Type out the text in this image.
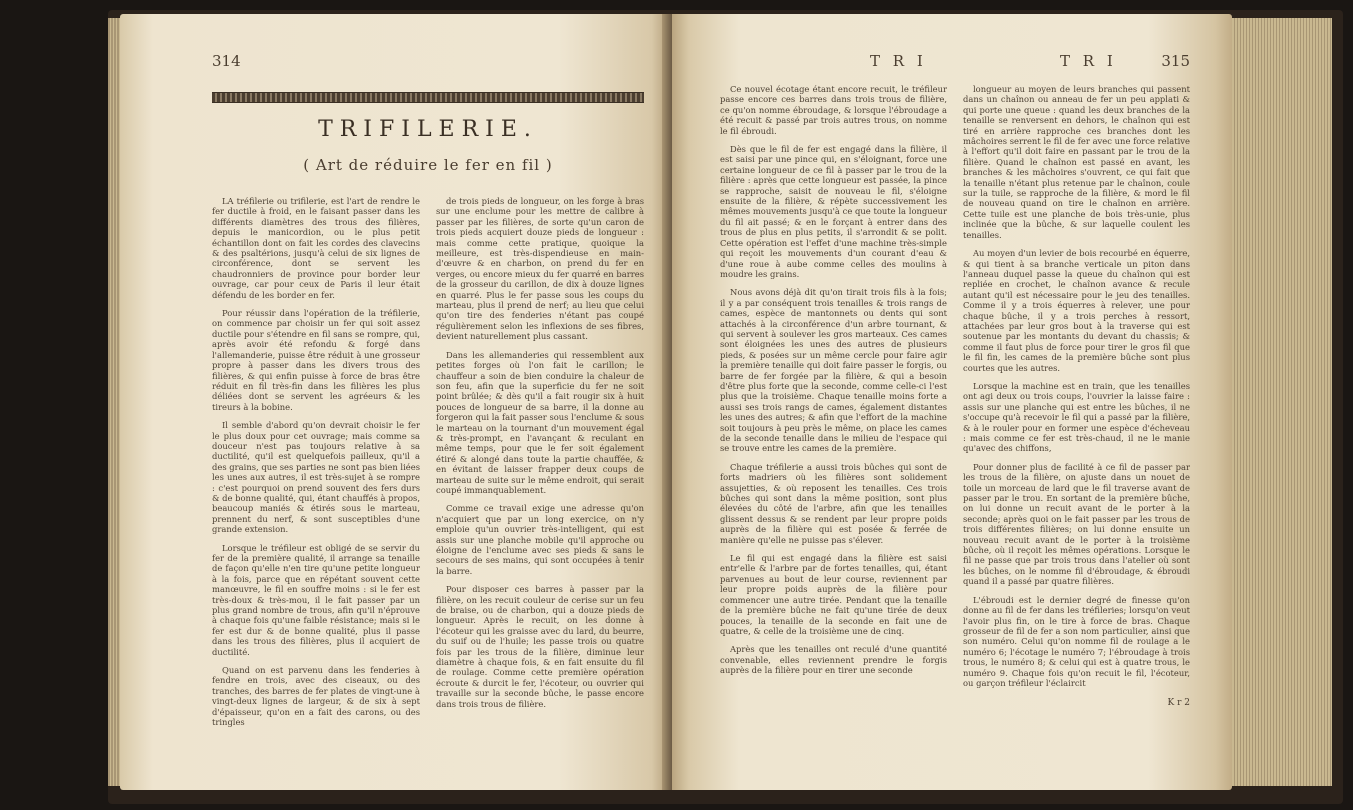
314
TRIFILERIE.
( Art de réduire le fer en fil )

LA tréfilerie ou trifilerie, est l'art de rendre le fer ductile à froid, en le faisant passer dans les différents diamètres des trous des filières, depuis le manicordion, ou le plus petit échantillon dont on fait les cordes des clavecins & des psaltérions, jusqu'à celui de six lignes de circonférence, dont se servent les chaudronniers de province pour border leur ouvrage, car pour ceux de Paris il leur était défendu de les border en fer.

Pour réussir dans l'opération de la tréfilerie, on commence par choisir un fer qui soit assez ductile pour s'étendre en fil sans se rompre, qui, après avoir été refondu & forgé dans l'allemanderie, puisse être réduit à une grosseur propre à passer dans les divers trous des filières, & qui enfin puisse à force de bras être réduit en fil très-fin dans les filières les plus déliées dont se servent les agréeurs & les tireurs à la bobine.

Il semble d'abord qu'on devrait choisir le fer le plus doux pour cet ouvrage; mais comme sa douceur n'est pas toujours relative à sa ductilité, qu'il est quelquefois pailleux, qu'il a des grains, que ses parties ne sont pas bien liées les unes aux autres, il est très-sujet à se rompre : c'est pourquoi on prend souvent des fers durs & de bonne qualité, qui, étant chauffés à propos, beaucoup maniés & étirés sous le marteau, prennent du nerf, & sont susceptibles d'une grande extension.

Lorsque le tréfileur est obligé de se servir du fer de la première qualité, il arrange sa tenaille de façon qu'elle n'en tire qu'une petite longueur à la fois, parce que en répétant souvent cette manœuvre, le fil en souffre moins : si le fer est très-doux & très-mou, il le fait passer par un plus grand nombre de trous, afin qu'il n'éprouve à chaque fois qu'une faible résistance; mais si le fer est dur & de bonne qualité, plus il passe dans les trous des filières, plus il acquiert de ductilité.

Quand on est parvenu dans les fenderies à fendre en trois, avec des ciseaux, ou des tranches, des barres de fer plates de vingt-une à vingt-deux lignes de largeur, & de six à sept d'épaisseur, qu'on en a fait des carons, ou des tringles

de trois pieds de longueur, on les forge à bras sur une enclume pour les mettre de calibre à passer par les filières, de sorte qu'un caron de trois pieds acquiert douze pieds de longueur : mais comme cette pratique, quoique la meilleure, est très-dispendieuse en main-d'œuvre & en charbon, on prend du fer en verges, ou encore mieux du fer quarré en barres de la grosseur du carillon, de dix à douze lignes en quarré. Plus le fer passe sous les coups du marteau, plus il prend de nerf; au lieu que celui qu'on tire des fenderies n'étant pas coupé régulièrement selon les inflexions de ses fibres, devient naturellement plus cassant.

Dans les allemanderies qui ressemblent aux petites forges où l'on fait le carillon; le chauffeur a soin de bien conduire la chaleur de son feu, afin que la superficie du fer ne soit point brûlée; & dès qu'il a fait rougir six à huit pouces de longueur de sa barre, il la donne au forgeron qui la fait passer sous l'enclume & sous le marteau on la tournant d'un mouvement égal & très-prompt, en l'avançant & reculant en même temps, pour que le fer soit également étiré & alongé dans toute la partie chauffée, & en évitant de laisser frapper deux coups de marteau de suite sur le même endroit, qui serait coupé immanquablement.

Comme ce travail exige une adresse qu'on n'acquiert que par un long exercice, on n'y emploie qu'un ouvrier très-intelligent, qui est assis sur une planche mobile qu'il approche ou éloigne de l'enclume avec ses pieds & sans le secours de ses mains, qui sont occupées à tenir la barre.

Pour disposer ces barres à passer par la filière, on les recuit couleur de cerise sur un feu de braise, ou de charbon, qui a douze pieds de longueur. Après le recuit, on les donne à l'écoteur qui les graisse avec du lard, du beurre, du suif ou de l'huile; les passe trois ou quatre fois par les trous de la filière, diminue leur diamètre à chaque fois, & en fait ensuite du fil de roulage. Comme cette première opération écroute & durcit le fer, l'écoteur, ou ouvrier qui travaille sur la seconde bûche, le passe encore dans trois trous de filière.

T R I	T R I	315

Ce nouvel écotage étant encore recuit, le tréfileur passe encore ces barres dans trois trous de filière, ce qu'on nomme ébroudage, & lorsque l'ébroudage a été recuit & passé par trois autres trous, on nomme le fil ébroudi.

Dès que le fil de fer est engagé dans la filière, il est saisi par une pince qui, en s'éloignant, force une certaine longueur de ce fil à passer par le trou de la filière : après que cette longueur est passée, la pince se rapproche, saisit de nouveau le fil, s'éloigne ensuite de la filière, & répète successivement les mêmes mouvements jusqu'à ce que toute la longueur du fil ait passé; & en le forçant à entrer dans des trous de plus en plus petits, il s'arrondit & se polit. Cette opération est l'effet d'une machine très-simple qui reçoit les mouvements d'un courant d'eau & d'une roue à aube comme celles des moulins à moudre les grains.

Nous avons déjà dit qu'on tirait trois fils à la fois; il y a par conséquent trois tenailles & trois rangs de cames, espèce de mantonnets ou dents qui sont attachés à la circonférence d'un arbre tournant, & qui servent à soulever les gros marteaux. Ces cames sont éloignées les unes des autres de plusieurs pieds, & posées sur un même cercle pour faire agir la première tenaille qui doit faire passer le forgis, ou barre de fer forgée par la filière, & qui a besoin d'être plus forte que la seconde, comme celle-ci l'est plus que la troisième. Chaque tenaille moins forte a aussi ses trois rangs de cames, également distantes les unes des autres; & afin que l'effort de la machine soit toujours à peu près le même, on place les cames de la seconde tenaille dans le milieu de l'espace qui se trouve entre les cames de la première.

Chaque tréfilerie a aussi trois bûches qui sont de forts madriers où les filières sont solidement assujetties, & où reposent les tenailles. Ces trois bûches qui sont dans la même position, sont plus élevées du côté de l'arbre, afin que les tenailles glissent dessus & se rendent par leur propre poids auprès de la filière qui est posée & ferrée de manière qu'elle ne puisse pas s'élever.

Le fil qui est engagé dans la filière est saisi entr'elle & l'arbre par de fortes tenailles, qui, étant parvenues au bout de leur course, reviennent par leur propre poids auprès de la filière pour commencer une autre tirée. Pendant que la tenaille de la première bûche ne fait qu'une tirée de deux pouces, la tenaille de la seconde en fait une de quatre, & celle de la troisième une de cinq.

Après que les tenailles ont reculé d'une quantité convenable, elles reviennent prendre le forgis auprès de la filière pour en tirer une seconde

longueur au moyen de leurs branches qui passent dans un chaînon ou anneau de fer un peu applati & qui porte une queue : quand les deux branches de la tenaille se renversent en dehors, le chaînon qui est tiré en arrière rapproche ces branches dont les mâchoires serrent le fil de fer avec une force relative à l'effort qu'il doit faire en passant par le trou de la filière. Quand le chaînon est passé en avant, les branches & les mâchoires s'ouvrent, ce qui fait que la tenaille n'étant plus retenue par le chaînon, coule sur la tuile, se rapproche de la filière, & mord le fil de nouveau quand on tire le chaînon en arrière. Cette tuile est une planche de bois très-unie, plus inclinée que la bûche, & sur laquelle coulent les tenailles.

Au moyen d'un levier de bois recourbé en équerre, & qui tient à sa branche verticale un piton dans l'anneau duquel passe la queue du chaînon qui est repliée en crochet, le chaînon avance & recule autant qu'il est nécessaire pour le jeu des tenailles. Comme il y a trois équerres à relever, une pour chaque bûche, il y a trois perches à ressort, attachées par leur gros bout à la traverse qui est soutenue par les montants du devant du chassis; & comme il faut plus de force pour tirer le gros fil que le fil fin, les cames de la première bûche sont plus courtes que les autres.

Lorsque la machine est en train, que les tenailles ont agi deux ou trois coups, l'ouvrier la laisse faire : assis sur une planche qui est entre les bûches, il ne s'occupe qu'à recevoir le fil qui a passé par la filière, & à le rouler pour en former une espèce d'écheveau : mais comme ce fer est très-chaud, il ne le manie qu'avec des chiffons,

Pour donner plus de facilité à ce fil de passer par les trous de la filière, on ajuste dans un nouet de toile un morceau de lard que le fil traverse avant de passer par le trou. En sortant de la première bûche, on lui donne un recuit avant de le porter à la seconde; après quoi on le fait passer par les trous de trois différentes filières; on lui donne ensuite un nouveau recuit avant de le porter à la troisième bûche, où il reçoit les mêmes opérations. Lorsque le fil ne passe que par trois trous dans l'atelier où sont les bûches, on le nomme fil d'ébroudage, & ébroudi quand il a passé par quatre filières.

L'ébroudi est le dernier degré de finesse qu'on donne au fil de fer dans les tréfileries; lorsqu'on veut l'avoir plus fin, on le tire à force de bras. Chaque grosseur de fil de fer a son nom particulier, ainsi que son numéro. Celui qu'on nomme fil de roulage a le numéro 6; l'écotage le numéro 7; l'ébroudage à trois trous, le numéro 8; & celui qui est à quatre trous, le numéro 9. Chaque fois qu'on recuit le fil, l'écoteur, ou garçon tréfileur l'éclaircit

K r 2
